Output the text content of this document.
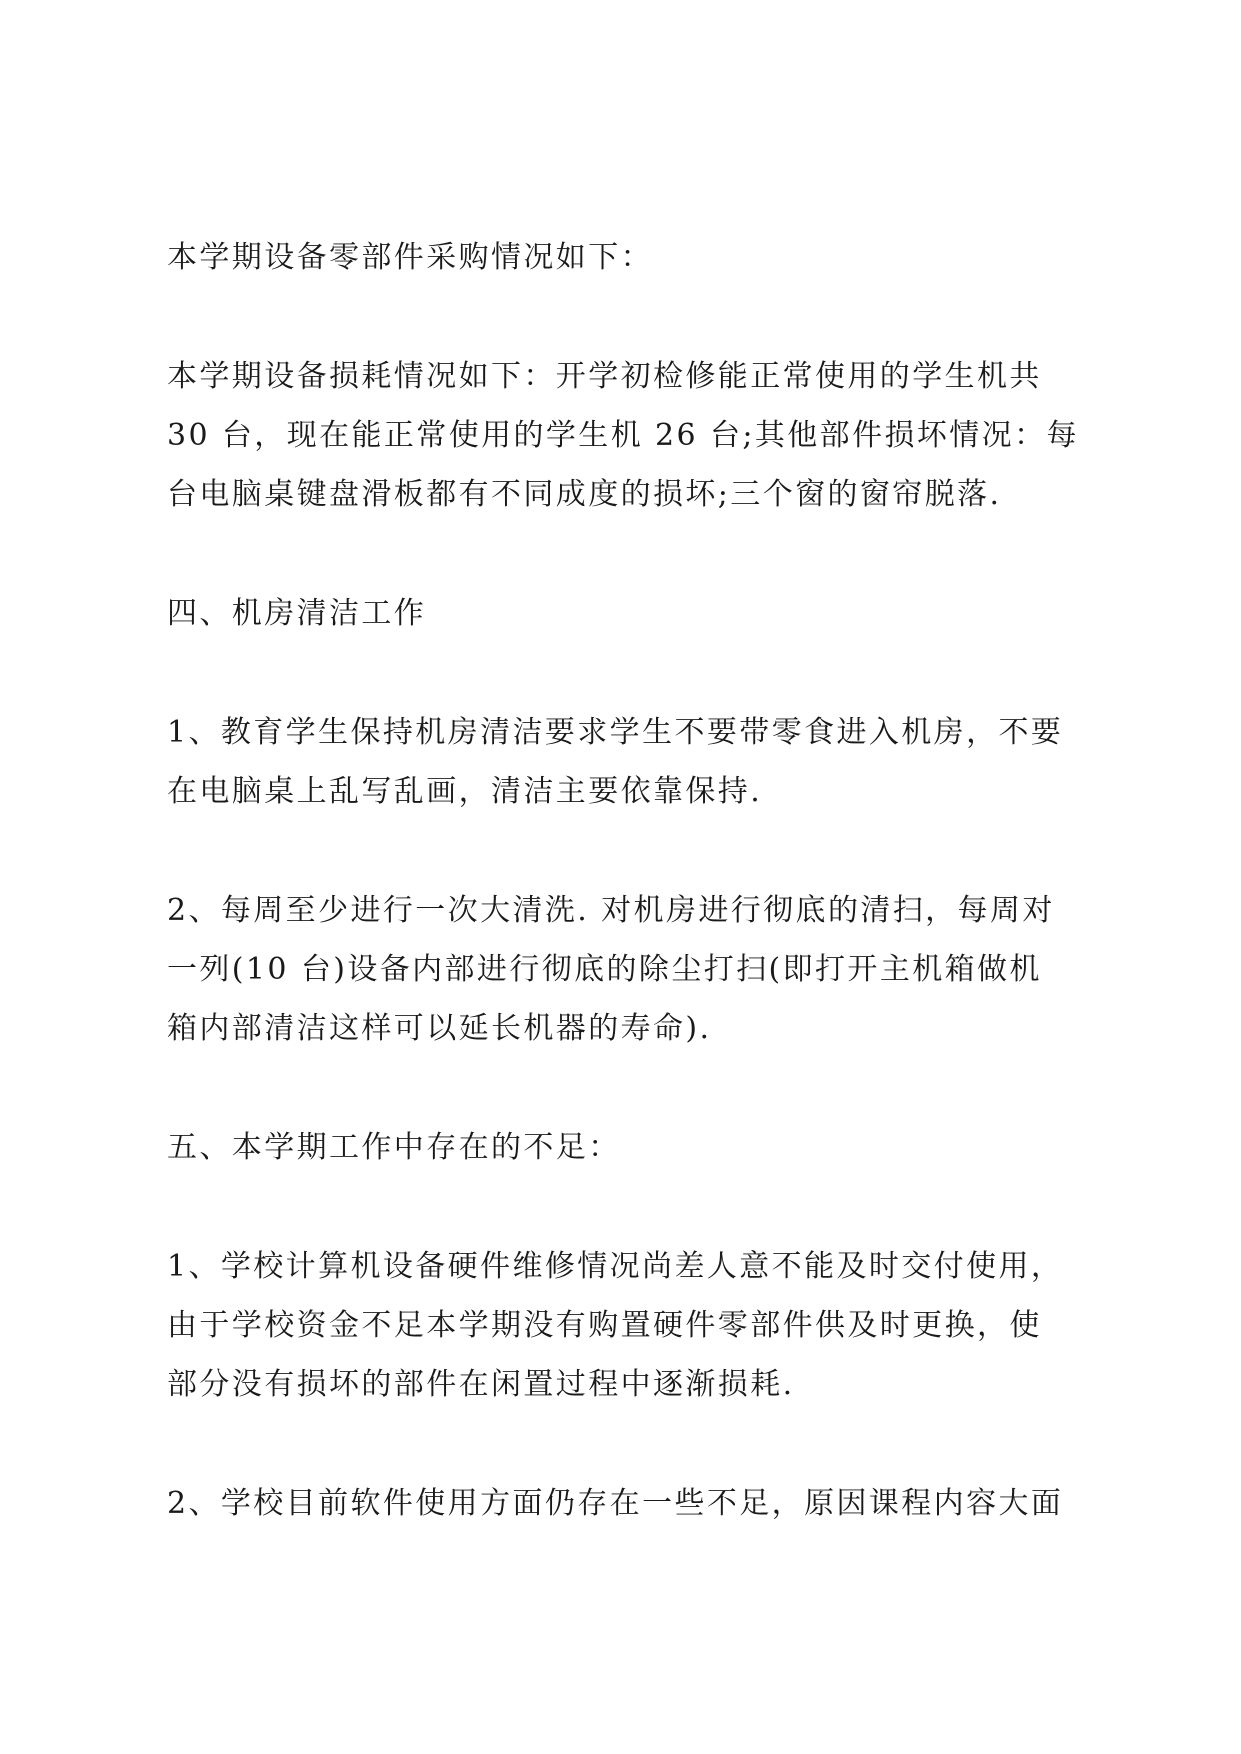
本学期设备零部件采购情况如下：

本学期设备损耗情况如下：开学初检修能正常使用的学生机共
30 台，现在能正常使用的学生机 26 台;其他部件损坏情况：每
台电脑桌键盘滑板都有不同成度的损坏;三个窗的窗帘脱落.

四、机房清洁工作

1、教育学生保持机房清洁要求学生不要带零食进入机房，不要
在电脑桌上乱写乱画，清洁主要依靠保持.

2、每周至少进行一次大清洗. 对机房进行彻底的清扫，每周对
一列(10 台)设备内部进行彻底的除尘打扫(即打开主机箱做机
箱内部清洁这样可以延长机器的寿命).

五、本学期工作中存在的不足：

1、学校计算机设备硬件维修情况尚差人意不能及时交付使用，
由于学校资金不足本学期没有购置硬件零部件供及时更换，使
部分没有损坏的部件在闲置过程中逐渐损耗.

2、学校目前软件使用方面仍存在一些不足，原因课程内容大面
